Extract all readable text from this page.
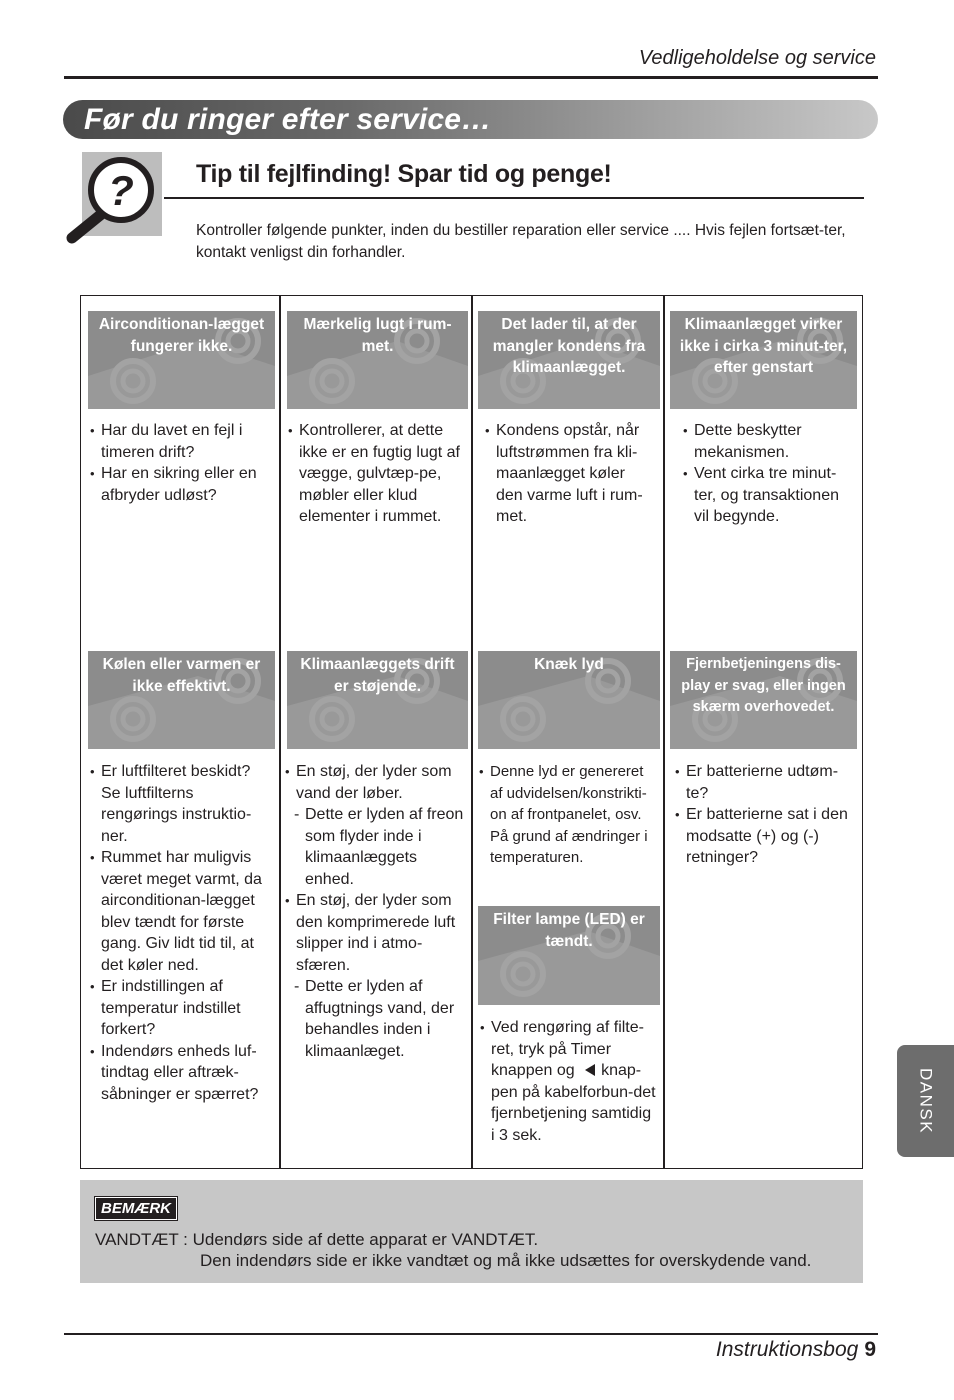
Vedligeholdelse og service
Før du ringer efter service…
? Tip til fejlfinding! Spar tid og penge!
Kontroller følgende punkter, inden du bestiller reparation eller service .... Hvis fejlen fortsæt-ter, kontakt venligst din forhandler.
Airconditionan-lægget fungerer ikke.
Mærkelig lugt i rum-met.
Det lader til, at der mangler kondens fra klimaanlægget.
Klimaanlægget virker ikke i cirka 3 minut-ter, efter genstart
• Har du lavet en fejl i timeren drift?
• Har en sikring eller en afbryder udløst?
• Kontrollerer, at dette ikke er en fugtig lugt af vægge, gulvtæp-pe, møbler eller klud elementer i rummet.
• Kondens opstår, når luftstrømmen fra kli-maanlægget køler den varme luft i rum-met.
• Dette beskytter mekanismen.
• Vent cirka tre minut-ter, og transaktionen vil begynde.
Kølen eller varmen er ikke effektivt.
Klimaanlæggets drift er støjende.
Knæk lyd	Fjernbetjeningens dis-play er svag, eller ingen skærm overhovedet.
• Er luftfilteret beskidt? Se luftfilterns rengørings instruktio-ner.
• Rummet har muligvis været meget varmt, da airconditionan-lægget blev tændt for første gang. Giv lidt tid til, at det køler ned.
• Er indstillingen af temperatur indstillet forkert?
• Indendørs enheds luf-tindtag eller aftræk-såbninger er spærret?
• En støj, der lyder som vand der løber.
- Dette er lyden af freon som flyder inde i klimaanlæggets enhed.
• En støj, der lyder som den komprimerede luft slipper ind i atmo-sfæren.
- Dette er lyden af affugtnings vand, der behandles inden i klimaanlæget.
• Denne lyd er genereret af udvidelsen/konstrikti-on af frontpanelet, osv. På grund af ændringer i temperaturen.
• Er batterierne udtøm-te?
• Er batterierne sat i den modsatte (+) og (-) retninger?
Filter lampe (LED) er tændt.
• Ved rengøring af filte-ret, tryk på Timer knappen og knap-pen på kabelforbun-det fjernbetjening samtidig i 3 sek.
BEMÆRK
VANDTÆT : Udendørs side af dette apparat er VANDTÆT.
Den indendørs side er ikke vandtæt og må ikke udsættes for overskydende vand.
DANSK
Instruktionsbog 9
